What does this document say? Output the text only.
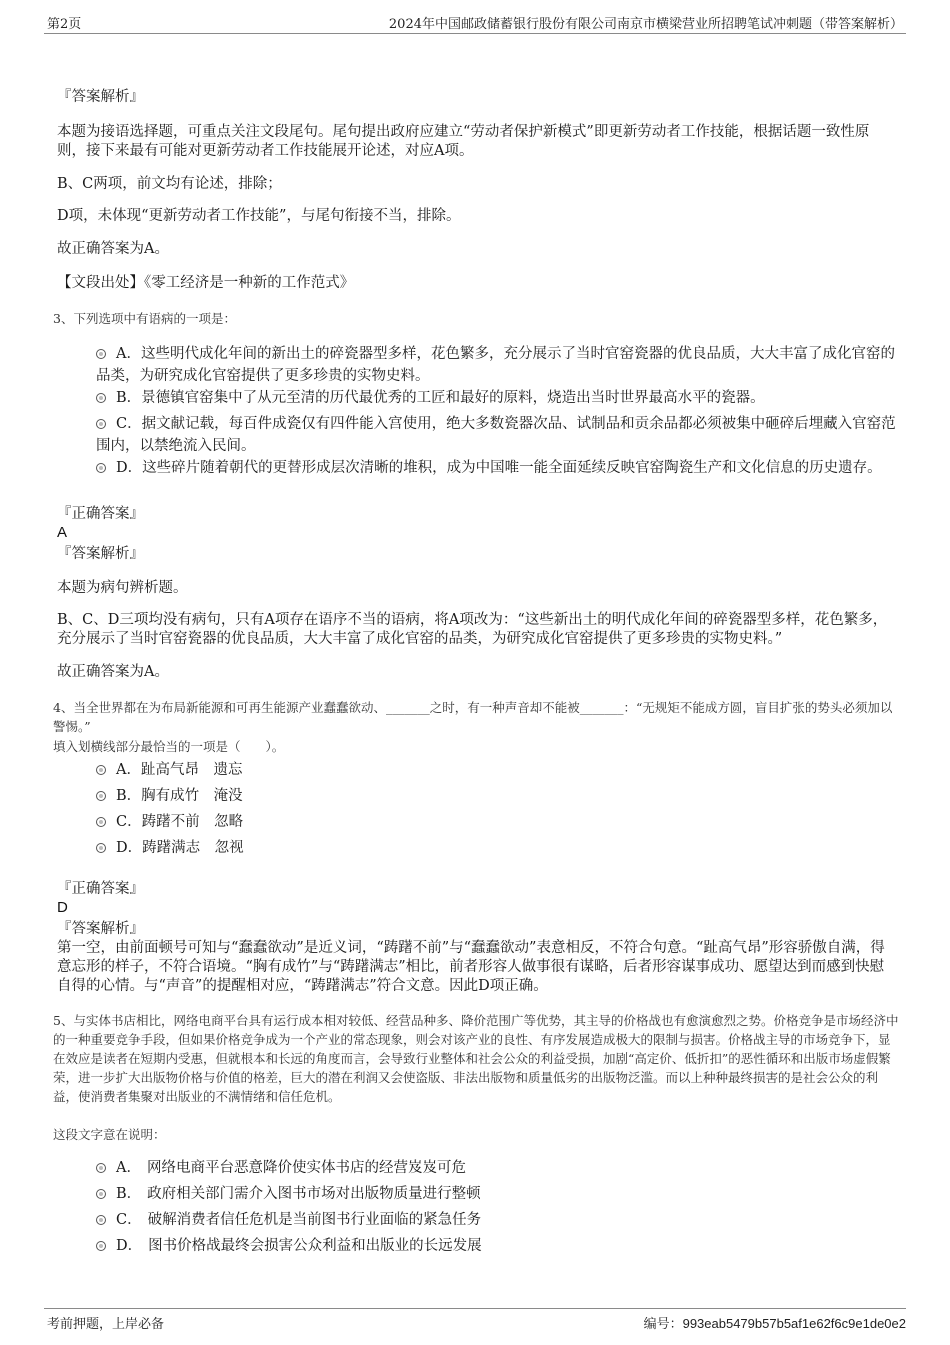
第2页	2024年中国邮政储蓄银行股份有限公司南京市横梁营业所招聘笔试冲刺题（带答案解析）
『答案解析』
本题为接语选择题，可重点关注文段尾句。尾句提出政府应建立“劳动者保护新模式”即更新劳动者工作技能，根据话题一致性原则，接下来最有可能对更新劳动者工作技能展开论述，对应A项。
B、C两项，前文均有论述，排除；
D项，未体现“更新劳动者工作技能”，与尾句衔接不当，排除。
故正确答案为A。
【文段出处】《零工经济是一种新的工作范式》
3、下列选项中有语病的一项是：
A．这些明代成化年间的新出土的碎瓷器型多样，花色繁多，充分展示了当时官窑瓷器的优良品质，大大丰富了成化官窑的品类，为研究成化官窑提供了更多珍贵的实物史料。
B．景德镇官窑集中了从元至清的历代最优秀的工匠和最好的原料，烧造出当时世界最高水平的瓷器。
C．据文献记载，每百件成瓷仅有四件能入宫使用，绝大多数瓷器次品、试制品和贡余品都必须被集中砸碎后埋藏入官窑范围内，以禁绝流入民间。
D．这些碎片随着朝代的更替形成层次清晰的堆积，成为中国唯一能全面延续反映官窑陶瓷生产和文化信息的历史遗存。
『正确答案』
A
『答案解析』
本题为病句辨析题。
B、C、D三项均没有病句，只有A项存在语序不当的语病，将A项改为：“这些新出土的明代成化年间的碎瓷器型多样，花色繁多，充分展示了当时官窑瓷器的优良品质，大大丰富了成化官窑的品类，为研究成化官窑提供了更多珍贵的实物史料。”
故正确答案为A。
4、当全世界都在为布局新能源和可再生能源产业蠢蠢欲动、_______之时，有一种声音却不能被_______：“无规矩不能成方圆，盲目扩张的势头必须加以警惕。”
填入划横线部分最恰当的一项是（　　）。
A．趾高气昂　遗忘
B．胸有成竹　淹没
C．踌躇不前　忽略
D．踌躇满志　忽视
『正确答案』
D
『答案解析』
第一空，由前面顿号可知与“蠢蠢欲动”是近义词，“踌躇不前”与“蠢蠢欲动”表意相反，不符合句意。“趾高气昂”形容骄傲自满，得意忘形的样子，不符合语境。“胸有成竹”与“踌躇满志”相比，前者形容人做事很有谋略，后者形容谋事成功、愿望达到而感到快慰自得的心情。与“声音”的提醒相对应，“踌躇满志”符合文意。因此D项正确。
5、与实体书店相比，网络电商平台具有运行成本相对较低、经营品种多、降价范围广等优势，其主导的价格战也有愈演愈烈之势。价格竞争是市场经济中的一种重要竞争手段，但如果价格竞争成为一个产业的常态现象，则会对该产业的良性、有序发展造成极大的限制与损害。价格战主导的市场竞争下，显在效应是读者在短期内受惠，但就根本和长远的角度而言，会导致行业整体和社会公众的利益受损，加剧“高定价、低折扣”的恶性循环和出版市场虚假繁荣，进一步扩大出版物价格与价值的格差，巨大的潜在利润又会使盗版、非法出版物和质量低劣的出版物泛滥。而以上种种最终损害的是社会公众的利益，使消费者集聚对出版业的不满情绪和信任危机。
这段文字意在说明：
A． 网络电商平台恶意降价使实体书店的经营岌岌可危
B． 政府相关部门需介入图书市场对出版物质量进行整顿
C． 破解消费者信任危机是当前图书行业面临的紧急任务
D． 图书价格战最终会损害公众利益和出版业的长远发展
考前押题，上岸必备	编号：993eab5479b57b5af1e62f6c9e1de0e2
